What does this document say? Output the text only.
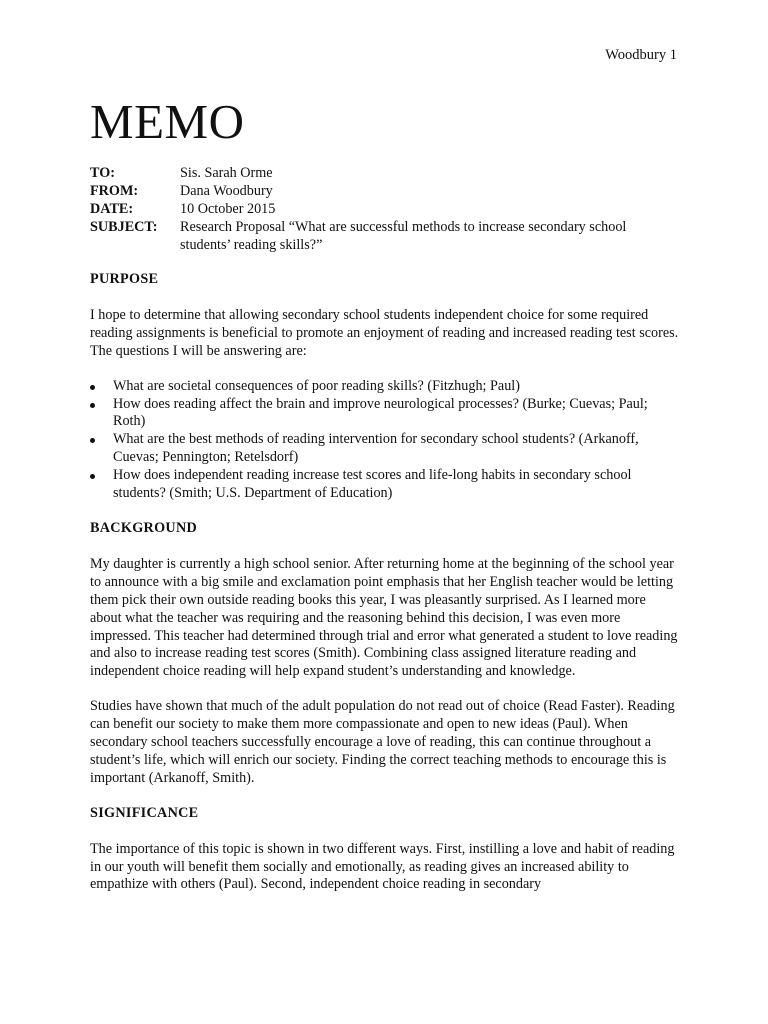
Woodbury 1
MEMO
TO:	Sis. Sarah Orme
FROM:	Dana Woodbury
DATE:	10 October 2015
SUBJECT:	Research Proposal “What are successful methods to increase secondary school students’ reading skills?”
PURPOSE

I hope to determine that allowing secondary school students independent choice for some required reading assignments is beneficial to promote an enjoyment of reading and increased reading test scores. The questions I will be answering are:

What are societal consequences of poor reading skills? (Fitzhugh; Paul)
How does reading affect the brain and improve neurological processes? (Burke; Cuevas; Paul; Roth)
What are the best methods of reading intervention for secondary school students? (Arkanoff, Cuevas; Pennington; Retelsdorf)
How does independent reading increase test scores and life-long habits in secondary school students? (Smith; U.S. Department of Education)
BACKGROUND

My daughter is currently a high school senior. After returning home at the beginning of the school year to announce with a big smile and exclamation point emphasis that her English teacher would be letting them pick their own outside reading books this year, I was pleasantly surprised. As I learned more about what the teacher was requiring and the reasoning behind this decision, I was even more impressed. This teacher had determined through trial and error what generated a student to love reading and also to increase reading test scores (Smith). Combining class assigned literature reading and independent choice reading will help expand student’s understanding and knowledge.

Studies have shown that much of the adult population do not read out of choice (Read Faster). Reading can benefit our society to make them more compassionate and open to new ideas (Paul). When secondary school teachers successfully encourage a love of reading, this can continue throughout a student’s life, which will enrich our society. Finding the correct teaching methods to encourage this is important (Arkanoff, Smith).

SIGNIFICANCE

The importance of this topic is shown in two different ways. First, instilling a love and habit of reading in our youth will benefit them socially and emotionally, as reading gives an increased ability to empathize with others (Paul). Second, independent choice reading in secondary
